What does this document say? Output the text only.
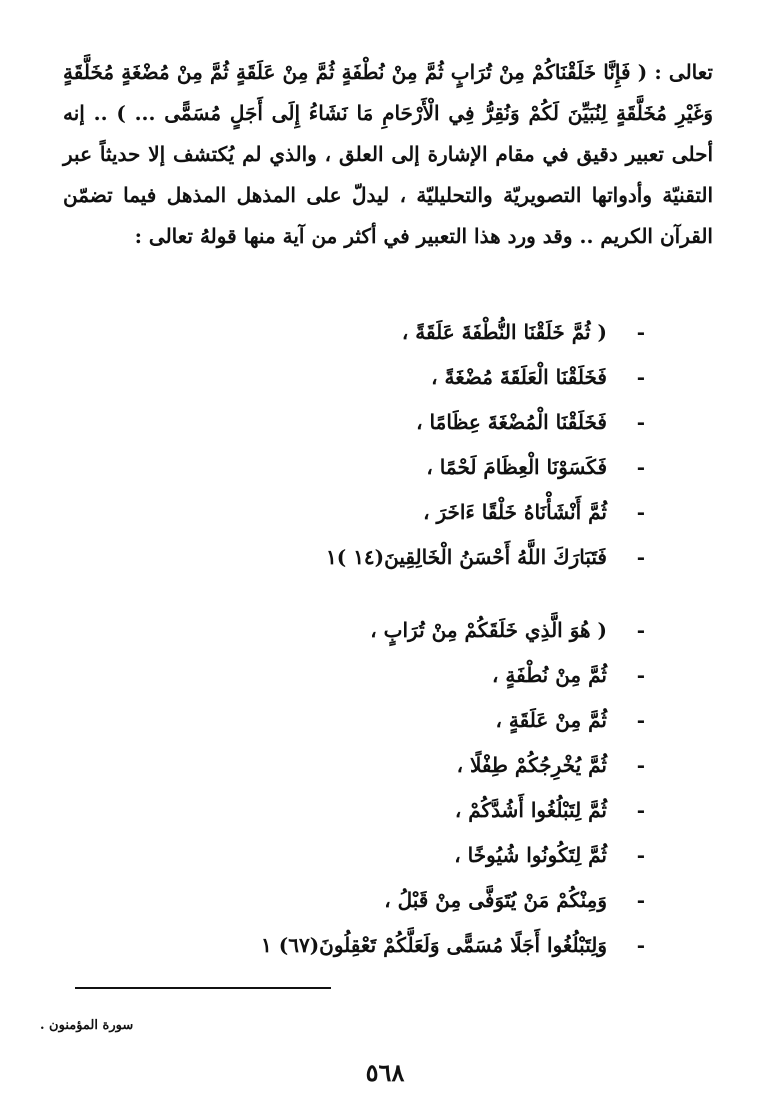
تعالى : ( فَإِنَّا خَلَقْنَاكُمْ مِنْ تُرَابٍ ثُمَّ مِنْ نُطْفَةٍ ثُمَّ مِنْ عَلَقَةٍ ثُمَّ مِنْ مُضْغَةٍ مُخَلَّقَةٍ وَغَيْرِ مُخَلَّقَةٍ لِنُبَيِّنَ لَكُمْ وَنُقِرُّ فِي الْأَرْحَامِ مَا نَشَاءُ إِلَى أَجَلٍ مُسَمًّى ... ) .. إنه أحلى تعبير دقيق في مقام الإشارة إلى العلق ، والذي لم يُكتشف إلا حديثاً عبر التقنيّة وأدواتها التصويريّة والتحليليّة ، ليدلّ على المذهل المذهل فيما تضمّن القرآن الكريم .. وقد ورد هذا التعبير في أكثر من آية منها قولهُ تعالى :

-( ثُمَّ خَلَقْنَا النُّطْفَةَ عَلَقَةً ،
-فَخَلَقْنَا الْعَلَقَةَ مُضْغَةً ،
-فَخَلَقْنَا الْمُضْغَةَ عِظَامًا ،
-فَكَسَوْنَا الْعِظَامَ لَحْمًا ،
-ثُمَّ أَنْشَأْنَاهُ خَلْقًا ءَاخَرَ ،
-فَتَبَارَكَ اللَّهُ أَحْسَنُ الْخَالِقِينَ(١٤ )١
-( هُوَ الَّذِي خَلَقَكُمْ مِنْ تُرَابٍ ،
-ثُمَّ مِنْ نُطْفَةٍ ،
-ثُمَّ مِنْ عَلَقَةٍ ،
-ثُمَّ يُخْرِجُكُمْ طِفْلًا ،
-ثُمَّ لِتَبْلُغُوا أَشُدَّكُمْ ،
-ثُمَّ لِتَكُونُوا شُيُوخًا ،
-وَمِنْكُمْ مَنْ يُتَوَفَّى مِنْ قَبْلُ ،
-وَلِتَبْلُغُوا أَجَلًا مُسَمًّى وَلَعَلَّكُمْ تَعْقِلُونَ(٦٧) ١
سورة المؤمنون .
٥٦٨
